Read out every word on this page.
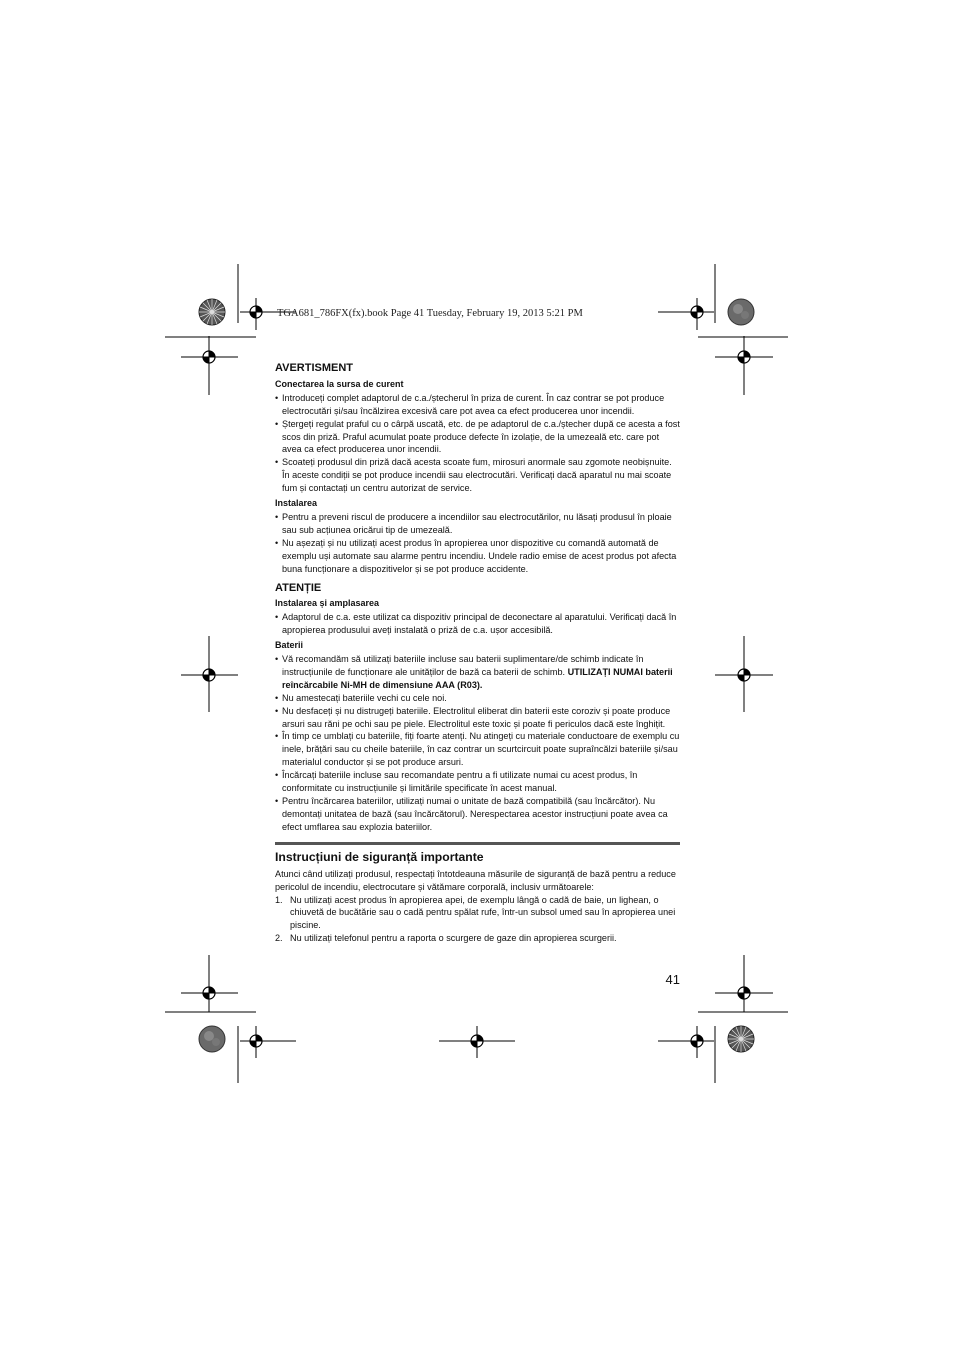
TGA681_786FX(fx).book Page 41 Tuesday, February 19, 2013 5:21 PM
AVERTISMENT
Conectarea la sursa de curent
• Introduceți complet adaptorul de c.a./ștecherul în priza de curent. În caz contrar se pot produce electrocutări și/sau încălzirea excesivă care pot avea ca efect producerea unor incendii.
• Ștergeți regulat praful cu o cârpă uscată, etc. de pe adaptorul de c.a./ștecher după ce acesta a fost scos din priză. Praful acumulat poate produce defecte în izolație, de la umezeală etc. care pot avea ca efect producerea unor incendii.
• Scoateți produsul din priză dacă acesta scoate fum, mirosuri anormale sau zgomote neobișnuite. În aceste condiții se pot produce incendii sau electrocutări. Verificați dacă aparatul nu mai scoate fum și contactați un centru autorizat de service.
Instalarea
• Pentru a preveni riscul de producere a incendiilor sau electrocutărilor, nu lăsați produsul în ploaie sau sub acțiunea oricărui tip de umezeală.
• Nu așezați și nu utilizați acest produs în apropierea unor dispozitive cu comandă automată de exemplu uși automate sau alarme pentru incendiu. Undele radio emise de acest produs pot afecta buna funcționare a dispozitivelor și se pot produce accidente.
ATENȚIE
Instalarea și amplasarea
• Adaptorul de c.a. este utilizat ca dispozitiv principal de deconectare al aparatului. Verificați dacă în apropierea produsului aveți instalată o priză de c.a. ușor accesibilă.
Baterii
• Vă recomandăm să utilizați bateriile incluse sau baterii suplimentare/de schimb indicate în instrucțiunile de funcționare ale unităților de bază ca baterii de schimb. UTILIZAȚI NUMAI baterii reîncărcabile Ni-MH de dimensiune AAA (R03).
• Nu amestecați bateriile vechi cu cele noi.
• Nu desfaceți și nu distrugeți bateriile. Electrolitul eliberat din baterii este coroziv și poate produce arsuri sau răni pe ochi sau pe piele. Electrolitul este toxic și poate fi periculos dacă este înghițit.
• În timp ce umblați cu bateriile, fiți foarte atenți. Nu atingeți cu materiale conductoare de exemplu cu inele, brățări sau cu cheile bateriile, în caz contrar un scurtcircuit poate supraîncălzi bateriile și/sau materialul conductor și se pot produce arsuri.
• Încărcați bateriile incluse sau recomandate pentru a fi utilizate numai cu acest produs, în conformitate cu instrucțiunile și limitările specificate în acest manual.
• Pentru încărcarea bateriilor, utilizați numai o unitate de bază compatibilă (sau încărcător). Nu demontați unitatea de bază (sau încărcătorul). Nerespectarea acestor instrucțiuni poate avea ca efect umflarea sau explozia bateriilor.
Instrucțiuni de siguranță importante
Atunci când utilizați produsul, respectați întotdeauna măsurile de siguranță de bază pentru a reduce pericolul de incendiu, electrocutare și vătămare corporală, inclusiv următoarele:
1. Nu utilizați acest produs în apropierea apei, de exemplu lângă o cadă de baie, un lighean, o chiuvetă de bucătărie sau o cadă pentru spălat rufe, într-un subsol umed sau în apropierea unei piscine.
2. Nu utilizați telefonul pentru a raporta o scurgere de gaze din apropierea scurgerii.
41
